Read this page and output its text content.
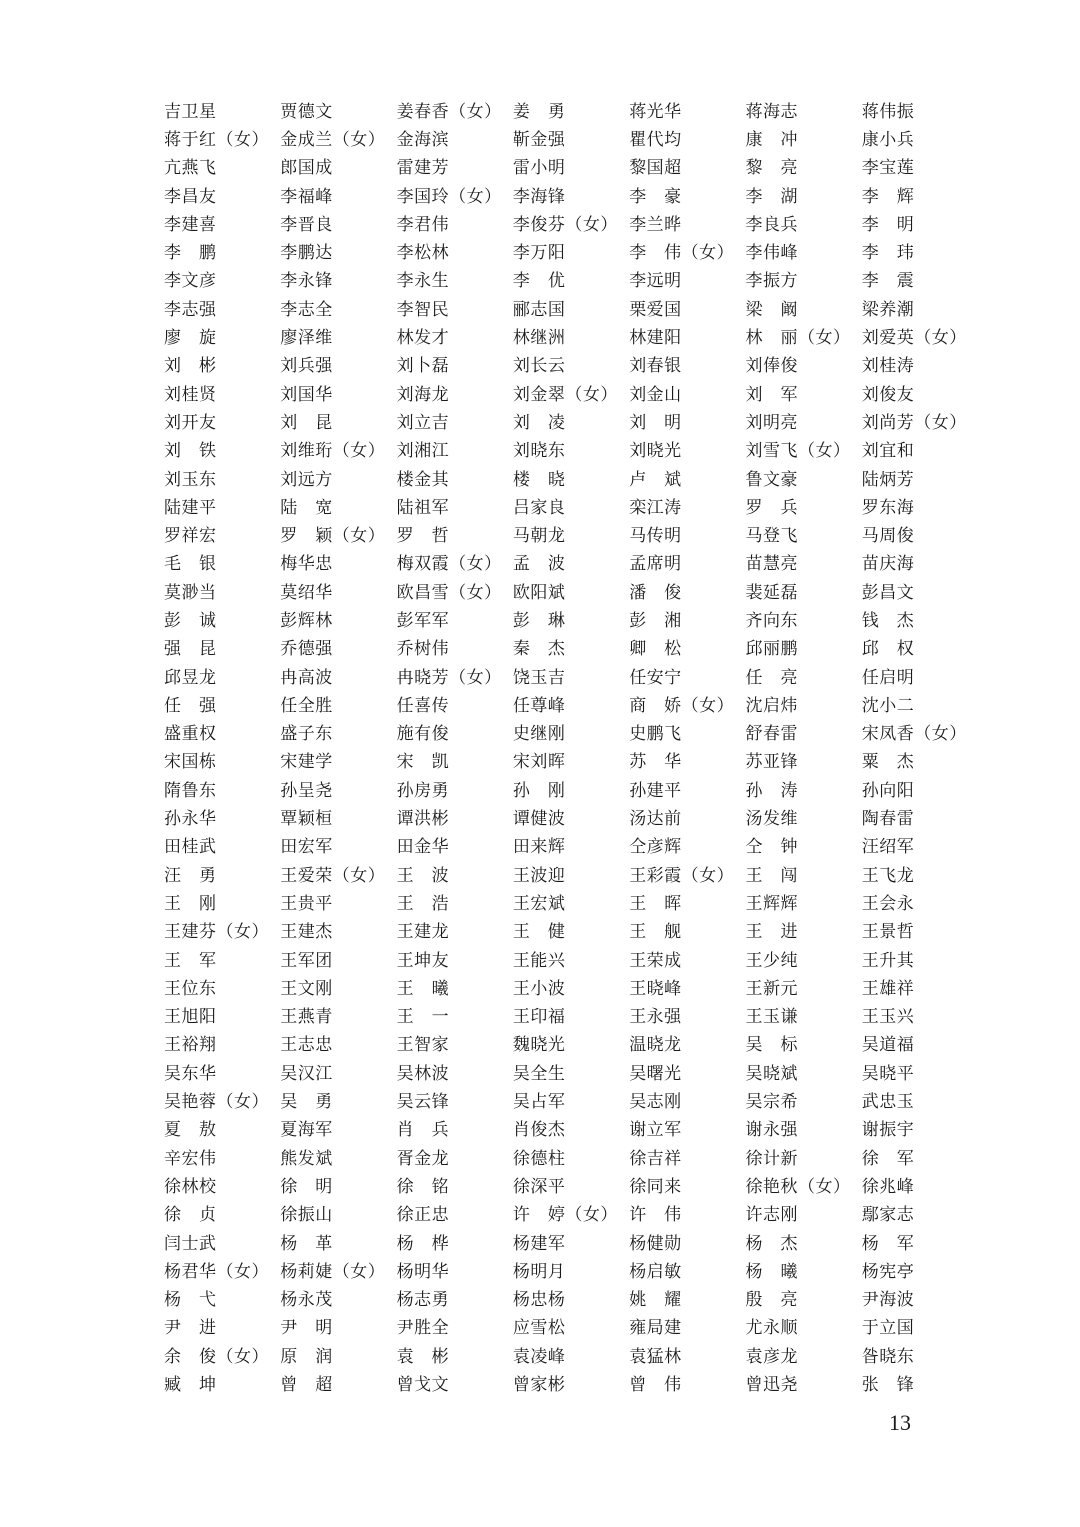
吉卫星	贾德文	姜春香（女） 姜　勇	蒋光华	蒋海志	蒋伟振
蒋于红（女） 金成兰（女） 金海滨	靳金强	瞿代均	康　冲	康小兵
亢燕飞	郎国成	雷建芳	雷小明	黎国超	黎　亮	李宝莲
李昌友	李福峰	李国玲（女） 李海锋	李　豪	李　湖	李　辉
李建喜	李晋良	李君伟	李俊芬（女） 李兰晔	李良兵	李　明
李　鹏	李鹏达	李松林	李万阳	李　伟（女） 李伟峰	李　玮
李文彦	李永锋	李永生	李　优	李远明	李振方	李　震
李志强	李志全	李智民	郦志国	栗爱国	梁　阚	梁养潮
廖　旋	廖泽维	林发才	林继洲	林建阳	林　丽（女） 刘爱英（女）
刘　彬	刘兵强	刘卜磊	刘长云	刘春银	刘俸俊	刘桂涛
刘桂贤	刘国华	刘海龙	刘金翠（女） 刘金山	刘　军	刘俊友
刘开友	刘　昆	刘立吉	刘　凌	刘　明	刘明亮	刘尚芳（女）
刘　铁	刘维珩（女） 刘湘江	刘晓东	刘晓光	刘雪飞（女） 刘宜和
刘玉东	刘远方	楼金其	楼　晓	卢　斌	鲁文豪	陆炳芳
陆建平	陆　宽	陆祖军	吕家良	栾江涛	罗　兵	罗东海
罗祥宏	罗　颖（女） 罗　哲	马朝龙	马传明	马登飞	马周俊
毛　银	梅华忠	梅双霞（女） 孟　波	孟席明	苗慧亮	苗庆海
莫渺当	莫绍华	欧昌雪（女） 欧阳斌	潘　俊	裴延磊	彭昌文
彭　诚	彭辉林	彭军军	彭　琳	彭　湘	齐向东	钱　杰
强　昆	乔德强	乔树伟	秦　杰	卿　松	邱丽鹏	邱　权
邱昱龙	冉高波	冉晓芳（女） 饶玉吉	任安宁	任　亮	任启明
任　强	任全胜	任喜传	任尊峰	商　娇（女） 沈启炜	沈小二
盛重权	盛子东	施有俊	史继刚	史鹏飞	舒春雷	宋凤香（女）
宋国栋	宋建学	宋　凯	宋刘晖	苏　华	苏亚锋	粟　杰
隋鲁东	孙呈尧	孙房勇	孙　刚	孙建平	孙　涛	孙向阳
孙永华	覃颖桓	谭洪彬	谭健波	汤达前	汤发维	陶春雷
田桂武	田宏军	田金华	田来辉	仝彦辉	仝　钟	汪绍军
汪　勇	王爱荣（女） 王　波	王波迎	王彩霞（女） 王　闯	王飞龙
王　刚	王贵平	王　浩	王宏斌	王　晖	王辉辉	王会永
王建芬（女） 王建杰	王建龙	王　健	王　舰	王　进	王景哲
王　军	王军团	王坤友	王能兴	王荣成	王少纯	王升其
王位东	王文刚	王　曦	王小波	王晓峰	王新元	王雄祥
王旭阳	王燕青	王　一	王印福	王永强	王玉谦	王玉兴
王裕翔	王志忠	王智家	魏晓光	温晓龙	吴　标	吴道福
吴东华	吴汉江	吴林波	吴全生	吴曙光	吴晓斌	吴晓平
吴艳蓉（女） 吴　勇	吴云锋	吴占军	吴志刚	吴宗希	武忠玉
夏　敖	夏海军	肖　兵	肖俊杰	谢立军	谢永强	谢振宇
辛宏伟	熊发斌	胥金龙	徐德柱	徐吉祥	徐计新	徐　军
徐林校	徐　明	徐　铭	徐深平	徐同来	徐艳秋（女） 徐兆峰
徐　贞	徐振山	徐正忠	许　婷（女） 许　伟	许志刚	鄢家志
闫士武	杨　革	杨　桦	杨建军	杨健勋	杨　杰	杨　军
杨君华（女） 杨莉婕（女） 杨明华	杨明月	杨启敏	杨　曦	杨宪亭
杨　弋	杨永茂	杨志勇	杨忠杨	姚　耀	殷　亮	尹海波
尹　进	尹　明	尹胜全	应雪松	雍局建	尤永顺	于立国
余　俊（女） 原　润	袁　彬	袁凌峰	袁猛林	袁彦龙	昝晓东
臧　坤	曾　超	曾戈文	曾家彬	曾　伟	曾迅尧	张　锋
13
